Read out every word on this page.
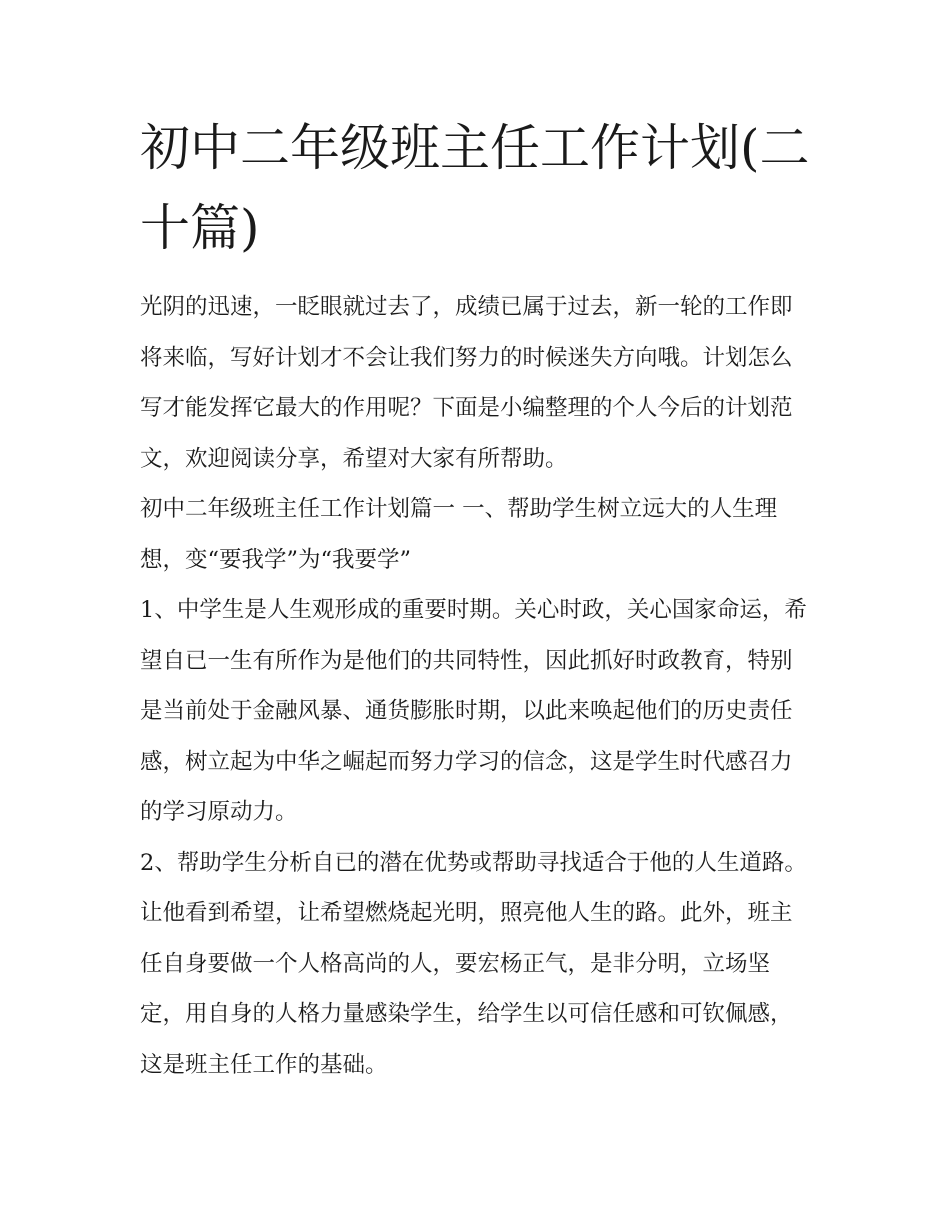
初中二年级班主任工作计划(二十篇)

光阴的迅速，一眨眼就过去了，成绩已属于过去，新一轮的工作即将来临，写好计划才不会让我们努力的时候迷失方向哦。计划怎么写才能发挥它最大的作用呢？下面是小编整理的个人今后的计划范文，欢迎阅读分享，希望对大家有所帮助。

初中二年级班主任工作计划篇一 一、帮助学生树立远大的人生理想，变“要我学”为“我要学”

1、中学生是人生观形成的重要时期。关心时政，关心国家命运，希望自已一生有所作为是他们的共同特性，因此抓好时政教育，特别是当前处于金融风暴、通货膨胀时期，以此来唤起他们的历史责任感，树立起为中华之崛起而努力学习的信念，这是学生时代感召力的学习原动力。

2、帮助学生分析自已的潜在优势或帮助寻找适合于他的人生道路。让他看到希望，让希望燃烧起光明，照亮他人生的路。此外，班主任自身要做一个人格高尚的人，要宏杨正气，是非分明，立场坚定，用自身的人格力量感染学生，给学生以可信任感和可钦佩感，这是班主任工作的基础。
